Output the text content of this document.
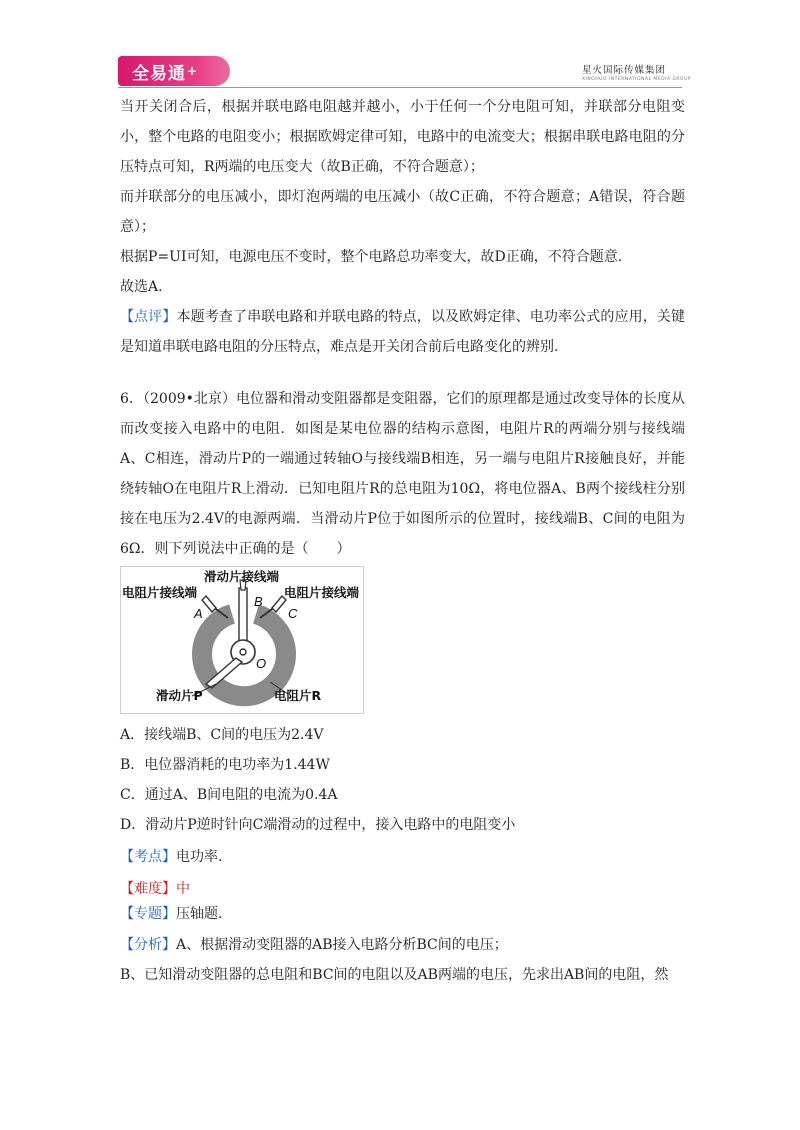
全易通 +	星火国际传媒集团
XINGHUO INTERNATIONAL MEDIA GROUP

当开关闭合后，根据并联电路电阻越并越小，小于任何一个分电阻可知，并联部分电阻变小，整个电路的电阻变小；根据欧姆定律可知，电路中的电流变大；根据串联电路电阻的分压特点可知，R两端的电压变大（故B正确，不符合题意）；

而并联部分的电压减小，即灯泡两端的电压减小（故C正确，不符合题意；A错误，符合题意）；

根据P=UI可知，电源电压不变时，整个电路总功率变大，故D正确，不符合题意.

故选A.

【点评】本题考查了串联电路和并联电路的特点，以及欧姆定律、电功率公式的应用，关键是知道串联电路电阻的分压特点，难点是开关闭合前后电路变化的辨别.

6．（2009•北京）电位器和滑动变阻器都是变阻器，它们的原理都是通过改变导体的长度从而改变接入电路中的电阻．如图是某电位器的结构示意图，电阻片R的两端分别与接线端A、C相连，滑动片P的一端通过转轴O与接线端B相连，另一端与电阻片R接触良好，并能绕转轴O在电阻片R上滑动．已知电阻片R的总电阻为10Ω，将电位器A、B两个接线柱分别接在电压为2.4V的电源两端．当滑动片P位于如图所示的位置时，接线端B、C间的电阻为6Ω．则下列说法中正确的是（　　）

滑动片接线端
电阻片接线端	电阻片接线端
A
B
C
O
滑动片P	电阻片R

A．接线端B、C间的电压为2.4V

B．电位器消耗的电功率为1.44W

C．通过A、B间电阻的电流为0.4A

D．滑动片P逆时针向C端滑动的过程中，接入电路中的电阻变小

【考点】电功率.

【难度】中

【专题】压轴题.

【分析】A、根据滑动变阻器的AB接入电路分析BC间的电压；

B、已知滑动变阻器的总电阻和BC间的电阻以及AB两端的电压，先求出AB间的电阻，然
